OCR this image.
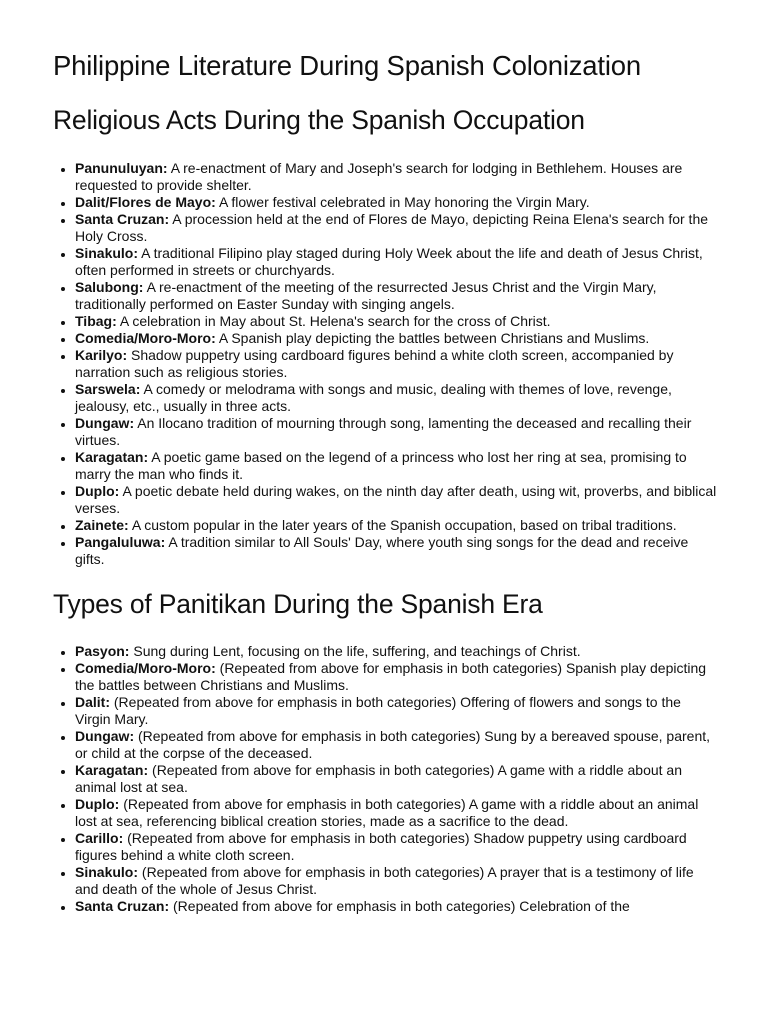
Philippine Literature During Spanish Colonization
Religious Acts During the Spanish Occupation
• Panunuluyan: A re-enactment of Mary and Joseph's search for lodging in Bethlehem. Houses are requested to provide shelter.
• Dalit/Flores de Mayo: A flower festival celebrated in May honoring the Virgin Mary.
• Santa Cruzan: A procession held at the end of Flores de Mayo, depicting Reina Elena's search for the Holy Cross.
• Sinakulo: A traditional Filipino play staged during Holy Week about the life and death of Jesus Christ, often performed in streets or churchyards.
• Salubong: A re-enactment of the meeting of the resurrected Jesus Christ and the Virgin Mary, traditionally performed on Easter Sunday with singing angels.
• Tibag: A celebration in May about St. Helena's search for the cross of Christ.
• Comedia/Moro-Moro: A Spanish play depicting the battles between Christians and Muslims.
• Karilyo: Shadow puppetry using cardboard figures behind a white cloth screen, accompanied by narration such as religious stories.
• Sarswela: A comedy or melodrama with songs and music, dealing with themes of love, revenge, jealousy, etc., usually in three acts.
• Dungaw: An Ilocano tradition of mourning through song, lamenting the deceased and recalling their virtues.
• Karagatan: A poetic game based on the legend of a princess who lost her ring at sea, promising to marry the man who finds it.
• Duplo: A poetic debate held during wakes, on the ninth day after death, using wit, proverbs, and biblical verses.
• Zainete: A custom popular in the later years of the Spanish occupation, based on tribal traditions.
• Pangaluluwa: A tradition similar to All Souls' Day, where youth sing songs for the dead and receive gifts.
Types of Panitikan During the Spanish Era
• Pasyon: Sung during Lent, focusing on the life, suffering, and teachings of Christ.
• Comedia/Moro-Moro: (Repeated from above for emphasis in both categories) Spanish play depicting the battles between Christians and Muslims.
• Dalit: (Repeated from above for emphasis in both categories) Offering of flowers and songs to the Virgin Mary.
• Dungaw: (Repeated from above for emphasis in both categories) Sung by a bereaved spouse, parent, or child at the corpse of the deceased.
• Karagatan: (Repeated from above for emphasis in both categories) A game with a riddle about an animal lost at sea.
• Duplo: (Repeated from above for emphasis in both categories) A game with a riddle about an animal lost at sea, referencing biblical creation stories, made as a sacrifice to the dead.
• Carillo: (Repeated from above for emphasis in both categories) Shadow puppetry using cardboard figures behind a white cloth screen.
• Sinakulo: (Repeated from above for emphasis in both categories) A prayer that is a testimony of life and death of the whole of Jesus Christ.
• Santa Cruzan: (Repeated from above for emphasis in both categories) Celebration of the
